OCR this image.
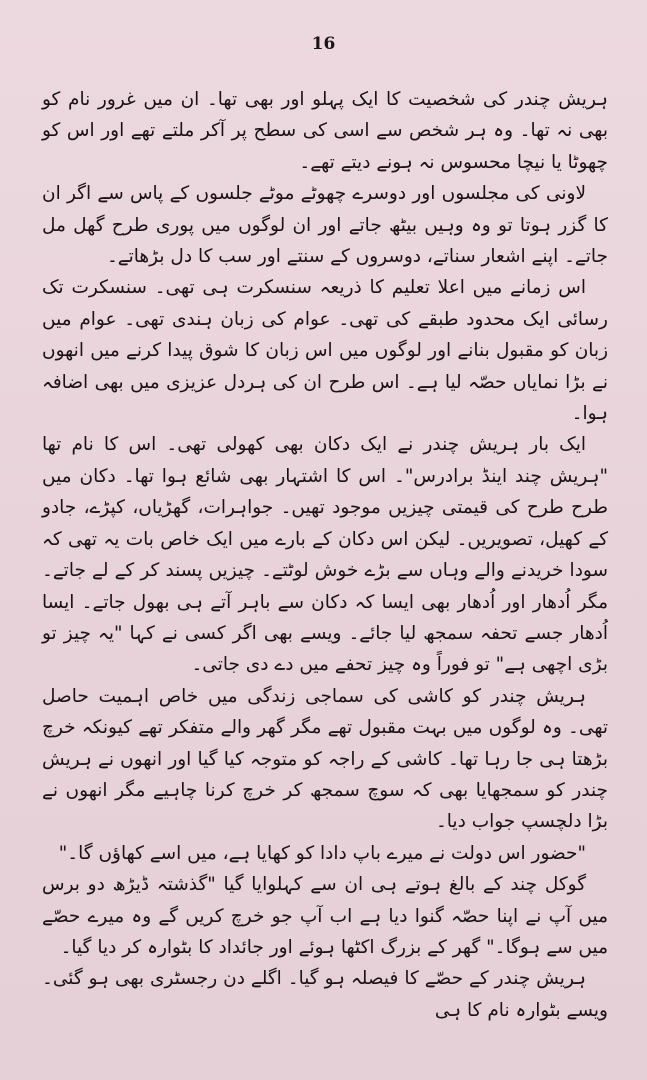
16

ہریش چندر کی شخصیت کا ایک پہلو اور بھی تھا۔ ان میں غرور نام کو بھی نہ تھا۔ وہ ہر شخص سے اسی کی سطح پر آکر ملتے تھے اور اس کو چھوٹا یا نیچا محسوس نہ ہونے دیتے تھے۔

لاونی کی مجلسوں اور دوسرے چھوٹے موٹے جلسوں کے پاس سے اگر ان کا گزر ہوتا تو وہ وہیں بیٹھ جاتے اور ان لوگوں میں پوری طرح گھل مل جاتے۔ اپنے اشعار سناتے، دوسروں کے سنتے اور سب کا دل بڑھاتے۔

اس زمانے میں اعلا تعلیم کا ذریعہ سنسکرت ہی تھی۔ سنسکرت تک رسائی ایک محدود طبقے کی تھی۔ عوام کی زبان ہندی تھی۔ عوام میں زبان کو مقبول بنانے اور لوگوں میں اس زبان کا شوق پیدا کرنے میں انھوں نے بڑا نمایاں حصّہ لیا ہے۔ اس طرح ان کی ہردل عزیزی میں بھی اضافہ ہوا۔

ایک بار ہریش چندر نے ایک دکان بھی کھولی تھی۔ اس کا نام تھا "ہریش چند اینڈ برادرس"۔ اس کا اشتہار بھی شائع ہوا تھا۔ دکان میں طرح طرح کی قیمتی چیزیں موجود تھیں۔ جواہرات، گھڑیاں، کپڑے، جادو کے کھیل، تصویریں۔ لیکن اس دکان کے بارے میں ایک خاص بات یہ تھی کہ سودا خریدنے والے وہاں سے بڑے خوش لوٹتے۔ چیزیں پسند کر کے لے جاتے۔ مگر اُدھار اور اُدھار بھی ایسا کہ دکان سے باہر آتے ہی بھول جاتے۔ ایسا اُدھار جسے تحفہ سمجھ لیا جائے۔ ویسے بھی اگر کسی نے کہا "یہ چیز تو بڑی اچھی ہے" تو فوراً وہ چیز تحفے میں دے دی جاتی۔

ہریش چندر کو کاشی کی سماجی زندگی میں خاص اہمیت حاصل تھی۔ وہ لوگوں میں بہت مقبول تھے مگر گھر والے متفکر تھے کیونکہ خرچ بڑھتا ہی جا رہا تھا۔ کاشی کے راجہ کو متوجہ کیا گیا اور انھوں نے ہریش چندر کو سمجھایا بھی کہ سوچ سمجھ کر خرچ کرنا چاہیے مگر انھوں نے بڑا دلچسپ جواب دیا۔

"حضور اس دولت نے میرے باپ دادا کو کھایا ہے، میں اسے کھاؤں گا۔"

گوکل چند کے بالغ ہوتے ہی ان سے کہلوایا گیا "گذشتہ ڈیڑھ دو برس میں آپ نے اپنا حصّہ گنوا دیا ہے اب آپ جو خرچ کریں گے وہ میرے حصّے میں سے ہوگا۔" گھر کے بزرگ اکٹھا ہوئے اور جائداد کا بٹوارہ کر دیا گیا۔

ہریش چندر کے حصّے کا فیصلہ ہو گیا۔ اگلے دن رجسٹری بھی ہو گئی۔ ویسے بٹوارہ نام کا ہی
